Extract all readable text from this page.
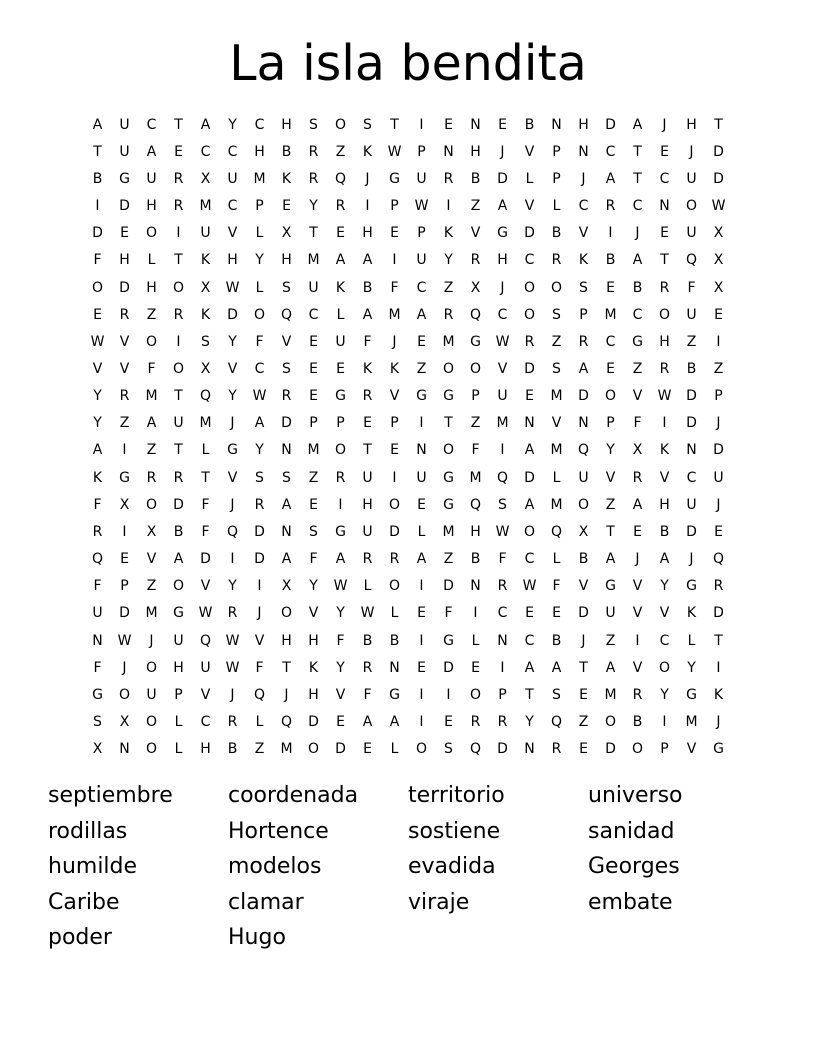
La isla bendita
A	U	C	T	A	Y	C	H	S	O	S	T	I	E	N	E	B	N	H	D	A	J	H	T
T	U	A	E	C	C	H	B	R	Z	K	W	P	N	H	J	V	P	N	C	T	E	J	D
B	G	U	R	X	U	M	K	R	Q	J	G	U	R	B	D	L	P	J	A	T	C	U	D
I	D	H	R	M	C	P	E	Y	R	I	P	W	I	Z	A	V	L	C	R	C	N	O	W
D	E	O	I	U	V	L	X	T	E	H	E	P	K	V	G	D	B	V	I	J	E	U	X
F	H	L	T	K	H	Y	H	M	A	A	I	U	Y	R	H	C	R	K	B	A	T	Q	X
O	D	H	O	X	W	L	S	U	K	B	F	C	Z	X	J	O	O	S	E	B	R	F	X
E	R	Z	R	K	D	O	Q	C	L	A	M	A	R	Q	C	O	S	P	M	C	O	U	E
W	V	O	I	S	Y	F	V	E	U	F	J	E	M	G	W	R	Z	R	C	G	H	Z	I
V	V	F	O	X	V	C	S	E	E	K	K	Z	O	O	V	D	S	A	E	Z	R	B	Z
Y	R	M	T	Q	Y	W	R	E	G	R	V	G	G	P	U	E	M	D	O	V	W	D	P
Y	Z	A	U	M	J	A	D	P	P	E	P	I	T	Z	M	N	V	N	P	F	I	D	J
A	I	Z	T	L	G	Y	N	M	O	T	E	N	O	F	I	A	M	Q	Y	X	K	N	D
K	G	R	R	T	V	S	S	Z	R	U	I	U	G	M	Q	D	L	U	V	R	V	C	U
F	X	O	D	F	J	R	A	E	I	H	O	E	G	Q	S	A	M	O	Z	A	H	U	J
R	I	X	B	F	Q	D	N	S	G	U	D	L	M	H	W	O	Q	X	T	E	B	D	E
Q	E	V	A	D	I	D	A	F	A	R	R	A	Z	B	F	C	L	B	A	J	A	J	Q
F	P	Z	O	V	Y	I	X	Y	W	L	O	I	D	N	R	W	F	V	G	V	Y	G	R
U	D	M	G	W	R	J	O	V	Y	W	L	E	F	I	C	E	E	D	U	V	V	K	D
N	W	J	U	Q	W	V	H	H	F	B	B	I	G	L	N	C	B	J	Z	I	C	L	T
F	J	O	H	U	W	F	T	K	Y	R	N	E	D	E	I	A	A	T	A	V	O	Y	I
G	O	U	P	V	J	Q	J	H	V	F	G	I	I	O	P	T	S	E	M	R	Y	G	K
S	X	O	L	C	R	L	Q	D	E	A	A	I	E	R	R	Y	Q	Z	O	B	I	M	J
X	N	O	L	H	B	Z	M	O	D	E	L	O	S	Q	D	N	R	E	D	O	P	V	G
septiembre	coordenada	territorio	universo
rodillas	Hortence	sostiene	sanidad
humilde	modelos	evadida	Georges
Caribe	clamar	viraje	embate
poder	Hugo
